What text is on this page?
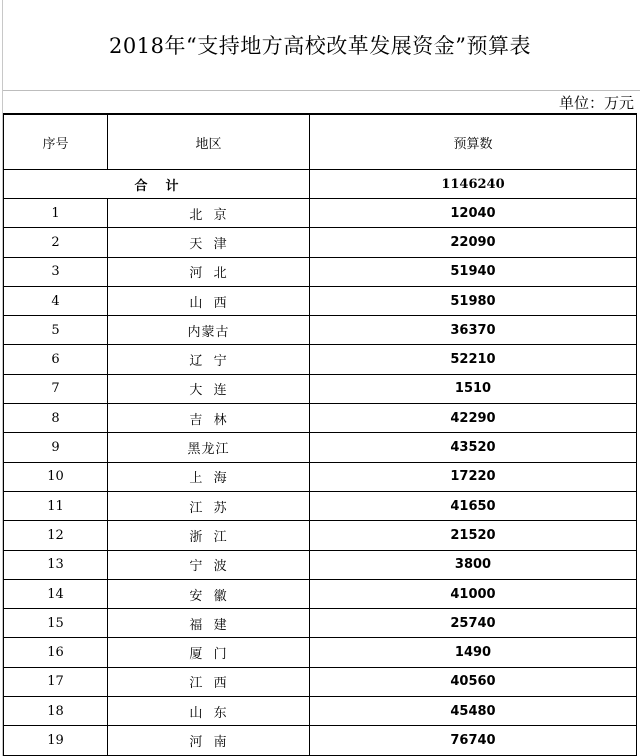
2018年“支持地方高校改革发展资金”预算表
单位：万元
序号	地区	预算数
合    计		1146240
1	北  京	12040
2	天  津	22090
3	河  北	51940
4	山  西	51980
5	内蒙古	36370
6	辽  宁	52210
7	大  连	1510
8	吉  林	42290
9	黑龙江	43520
10	上  海	17220
11	江  苏	41650
12	浙  江	21520
13	宁  波	3800
14	安  徽	41000
15	福  建	25740
16	厦  门	1490
17	江  西	40560
18	山  东	45480
19	河  南	76740
